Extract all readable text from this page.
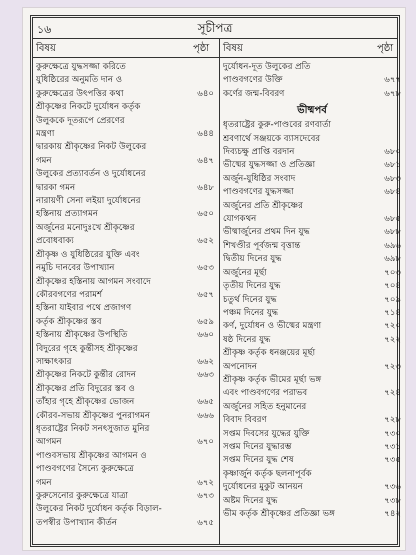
১৬	সূচীপত্র
বিষয়	পৃষ্ঠা বিষয়	পৃষ্ঠা
কুরুক্ষেত্রে যুদ্ধসজ্জা করিতে
যুধিষ্ঠিরের অনুমতি দান ও
কুরুক্ষেত্রের উৎপত্তির কথা	৬৪০
শ্রীকৃষ্ণের নিকটে দুর্যোধন কর্তৃক
উলুককে দূতরূপে প্রেরণের
মন্ত্রণা	৬৪৪
দ্বারকায় শ্রীকৃষ্ণের নিকট উলুকের
গমন	৬৪৭
উলুকের প্রত্যাবর্তন ও দুর্যোধনের
দ্বারকা গমন	৬৪৮
নারায়ণী সেনা লইয়া দুর্যোধনের
হস্তিনায় প্রত্যাগমন	৬৫০
অর্জুনের মনোদুঃখে শ্রীকৃষ্ণের
প্রবোধবাক্য	৬৫২
শ্রীকৃষ্ণ ও যুধিষ্ঠিরের যুক্তি এবং
নমুচি দানবের উপাখ্যান	৬৫৩
শ্রীকৃষ্ণের হস্তিনায় আগমন সংবাদে
কৌরবগণের পরামর্শ	৬৫৭
হস্তিনা যাইবার পথে প্রজাগণ
কর্তৃক শ্রীকৃষ্ণের স্তব	৬৫৯
হস্তিনায় শ্রীকৃষ্ণের উপস্থিতি	৬৬০
বিদুরের গৃহে কুন্তীসহ শ্রীকৃষ্ণের
সাক্ষাৎকার	৬৬২
শ্রীকৃষ্ণের নিকটে কুন্তীর রোদন	৬৬৩
শ্রীকৃষ্ণের প্রতি বিদুরের স্তব ও
তাঁহার গৃহে শ্রীকৃষ্ণের ভোজন	৬৬৫
কৌরব-সভায় শ্রীকৃষ্ণের পুনরাগমন	৬৬৬
ধৃতরাষ্ট্রের নিকট সনৎসুজাত মুনির
আগমন	৬৭০
পাণ্ডবসভায় শ্রীকৃষ্ণের আগমন ও
পাণ্ডবগণের সৈন্যে কুরুক্ষেত্রে
গমন	৬৭২
কুরুসেনোর কুরুক্ষেত্রে যাত্রা	৬৭৩
উলুকের নিকট দুর্যোধন কর্তৃক বিড়াল-
তপস্বীর উপাখ্যান কীর্তন	৬৭৫
দুর্যোধন-দূত উলুকের প্রতি
পাণ্ডবগণের উক্তি	৬৭৭
কর্ণের জন্ম-বিবরণ	৬৭৮
ভীষ্মপর্ব
ধৃতরাষ্ট্রের কুরু-পাণ্ডবের রণবার্তা
শ্রবণার্থে সঞ্জয়কে ব্যাসদেবের
দিব্যচক্ষু প্রাপ্তি বরদান	৬৮০
ভীষ্মের যুদ্ধসজ্জা ও প্রতিজ্ঞা	৬৮১
অর্জুন-যুধিষ্ঠির সংবাদ	৬৮৩
পাণ্ডবগণের যুদ্ধসজ্জা	৬৮৪
অর্জুনের প্রতি শ্রীকৃষ্ণের
যোগকথন	৬৮৫
ভীষ্মার্জুনের প্রথম দিন যুদ্ধ	৬৮৮
শিখণ্ডীর পূর্বজন্ম বৃত্তান্ত	৬৯৬
দ্বিতীয় দিনের যুদ্ধ	৬৯৮
অর্জুনের মূর্ছা	৭০৩
তৃতীয় দিনের যুদ্ধ	৭০৪
চতুর্থ দিনের যুদ্ধ	৭০৯
পঞ্চম দিনের যুদ্ধ	৭১৪
কর্ণ, দুর্যোধন ও ভীষ্মের মন্ত্রণা	৭২০
ষষ্ঠ দিনের যুদ্ধ	৭২২
শ্রীকৃষ্ণ কর্তৃক ধনঞ্জয়ের মূর্ছা
অপনোদন	৭২৩
শ্রীকৃষ্ণ কর্তৃক ভীমের মূর্ছা ভঙ্গ
এবং পাণ্ডবগণের পরাভব	৭২৪
অর্জুনের সহিত হনুমানের
বিবাদ বিবরণ	৭২৮
সপ্তম দিবসের যুদ্ধের যুক্তি	৭৩০
সপ্তম দিনের যুদ্ধারম্ভ	৭৩১
সপ্তম দিনের যুদ্ধ শেষ	৭৩৫
কৃষ্ণার্জুন কর্তৃক ছলনাপূর্বক
দুর্যোধনের মুকুট আনয়ন	৭৩৬
অষ্টম দিনের যুদ্ধ	৭৩৮
ভীম কর্তৃক শ্রীকৃষ্ণের প্রতিজ্ঞা ভঙ্গ	৭৪২
